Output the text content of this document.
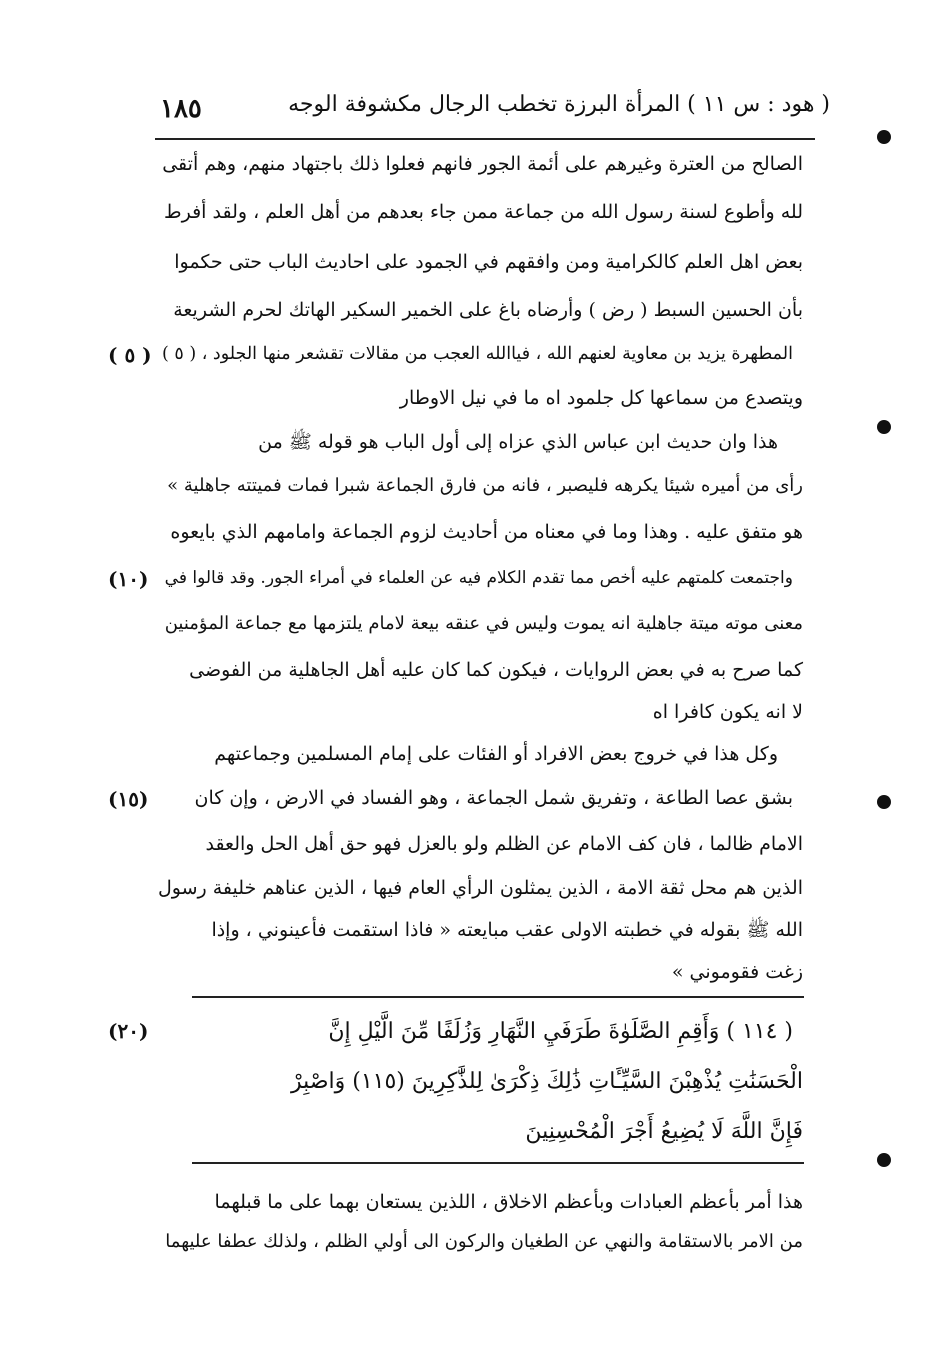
( هود : س ١١ ) المرأة البرزة تخطب الرجال مكشوفة الوجه
١٨٥
الصالح من العترة وغيرهم على أئمة الجور فانهم فعلوا ذلك باجتهاد منهم، وهم أتقى
لله وأطوع لسنة رسول الله من جماعة ممن جاء بعدهم من أهل العلم ، ولقد أفرط
بعض اهل العلم كالكرامية ومن وافقهم في الجمود على احاديث الباب حتى حكموا
بأن الحسين السبط ( رض ) وأرضاه باغ على الخمير السكير الهاتك لحرم الشريعة
المطهرة يزيد بن معاوية لعنهم الله ، فياالله العجب من مقالات تقشعر منها الجلود ، ( ٥ )
ويتصدع من سماعها كل جلمود اه ما في نيل الاوطار
هذا وان حديث ابن عباس الذي عزاه إلى أول الباب هو قوله ﷺ من
رأى من أميره شيئا يكرهه فليصبر ، فانه من فارق الجماعة شبرا فمات فميتته جاهلية »
هو متفق عليه . وهذا وما في معناه من أحاديث لزوم الجماعة وامامهم الذي بايعوه
واجتمعت كلمتهم عليه أخص مما تقدم الكلام فيه عن العلماء في أمراء الجور. وقد قالوا في
معنى موته ميتة جاهلية انه يموت وليس في عنقه بيعة لامام يلتزمها مع جماعة المؤمنين
كما صرح به في بعض الروايات ، فيكون كما كان عليه أهل الجاهلية من الفوضى
لا انه يكون كافرا اه
وكل هذا في خروج بعض الافراد أو الفئات على إمام المسلمين وجماعتهم
بشق عصا الطاعة ، وتفريق شمل الجماعة ، وهو الفساد في الارض ، وإن كان
الامام ظالما ، فان كف الامام عن الظلم ولو بالعزل فهو حق أهل الحل والعقد
الذين هم محل ثقة الامة ، الذين يمثلون الرأي العام فيها ، الذين عناهم خليفة رسول
الله ﷺ بقوله في خطبته الاولى عقب مبايعته « فاذا استقمت فأعينوني ، وإذا
زغت فقوموني »
( ١١٤ ) وَأَقِمِ الصَّلَوٰةَ طَرَفَيِ النَّهَارِ وَزُلَفًا مِّنَ الَّيْلِ إِنَّ
الْحَسَنَٰتِ يُذْهِبْنَ السَّيِّـَٔاتِ ذَٰلِكَ ذِكْرَىٰ لِلذَّٰكِرِينَ (١١٥) وَاصْبِرْ
فَإِنَّ اللَّهَ لَا يُضِيعُ أَجْرَ الْمُحْسِنِينَ
هذا أمر بأعظم العبادات وبأعظم الاخلاق ، اللذين يستعان بهما على ما قبلهما
من الامر بالاستقامة والنهي عن الطغيان والركون الى أولي الظلم ، ولذلك عطفا عليهما
( ٥ )
(١٠)
(١٥)
(٢٠)
